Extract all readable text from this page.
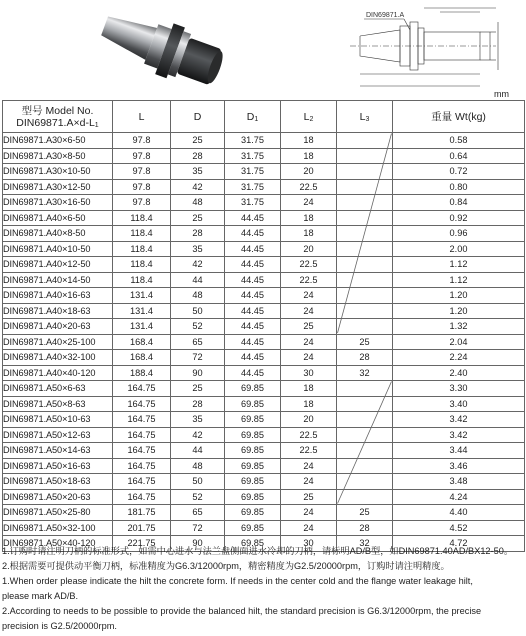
DIN69871.A
mm
型号 Model No.
$DIN69871.A\times d-L_1$	L	D	$D_1$	$L_2$	$L_3$	重量 Wt(kg)
DIN69871.A30×6-50	97.8	25	31.75	18		0.58
DIN69871.A30×8-50	97.8	28	31.75	18		0.64
DIN69871.A30×10-50	97.8	35	31.75	20		0.72
DIN69871.A30×12-50	97.8	42	31.75	22.5		0.80
DIN69871.A30×16-50	97.8	48	31.75	24		0.84
DIN69871.A40×6-50	118.4	25	44.45	18		0.92
DIN69871.A40×8-50	118.4	28	44.45	18		0.96
DIN69871.A40×10-50	118.4	35	44.45	20		2.00
DIN69871.A40×12-50	118.4	42	44.45	22.5		1.12
DIN69871.A40×14-50	118.4	44	44.45	22.5		1.12
DIN69871.A40×16-63	131.4	48	44.45	24		1.20
DIN69871.A40×18-63	131.4	50	44.45	24		1.20
DIN69871.A40×20-63	131.4	52	44.45	25		1.32
DIN69871.A40×25-100	168.4	65	44.45	24	25	2.04
DIN69871.A40×32-100	168.4	72	44.45	24	28	2.24
DIN69871.A40×40-120	188.4	90	44.45	30	32	2.40
DIN69871.A50×6-63	164.75	25	69.85	18		3.30
DIN69871.A50×8-63	164.75	28	69.85	18		3.40
DIN69871.A50×10-63	164.75	35	69.85	20		3.42
DIN69871.A50×12-63	164.75	42	69.85	22.5		3.42
DIN69871.A50×14-63	164.75	44	69.85	22.5		3.44
DIN69871.A50×16-63	164.75	48	69.85	24		3.46
DIN69871.A50×18-63	164.75	50	69.85	24		3.48
DIN69871.A50×20-63	164.75	52	69.85	25		4.24
DIN69871.A50×25-80	181.75	65	69.85	24	25	4.40
DIN69871.A50×32-100	201.75	72	69.85	24	28	4.52
DIN69871.A50×40-120	221.75	90	69.85	30	32	4.72
1.订购时请注明刀柄的标准形式，如需中心进水与法兰盘侧面进水冷却的刀柄，请标明AD/B型，如DIN69871.40AD/BX12-50。
2.根据需要可提供动平衡刀柄，标准精度为G6.3/12000rpm，精密精度为G2.5/20000rpm，订购时请注明精度。
1.When order please indicate the hilt the concrete form. If needs in the center cold and the flange water leakage hilt,
please mark AD/B.
2.According to needs to be possible to provide the balanced hilt, the standard precision is G6.3/12000rpm, the precise
precision is G2.5/20000rpm.
